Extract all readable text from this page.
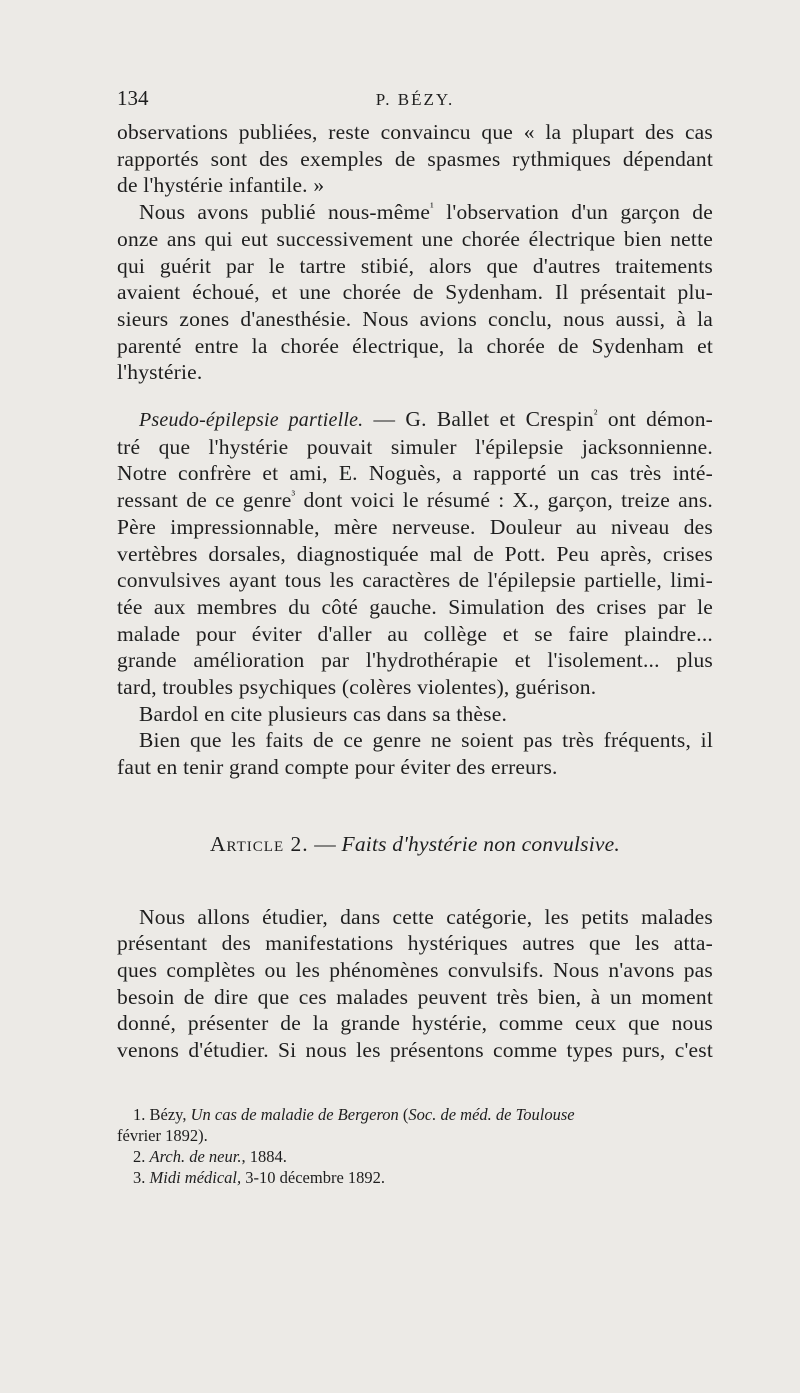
134	P. BÉZY.

observations publiées, reste convaincu que « la plupart des cas
rapportés sont des exemples de spasmes rythmiques dépendant
de l'hystérie infantile. »

Nous avons publié nous-même$^{^1}$ l'observation d'un garçon de
onze ans qui eut successivement une chorée électrique bien nette
qui guérit par le tartre stibié, alors que d'autres traitements
avaient échoué, et une chorée de Sydenham. Il présentait plu-
sieurs zones d'anesthésie. Nous avions conclu, nous aussi, à la
parenté entre la chorée électrique, la chorée de Sydenham et
l'hystérie.

Pseudo-épilepsie partielle. — G. Ballet et Crespin$^{^2}$ ont démon-
tré que l'hystérie pouvait simuler l'épilepsie jacksonnienne.
Notre confrère et ami, E. Noguès, a rapporté un cas très inté-
ressant de ce genre$^{^3}$ dont voici le résumé : X., garçon, treize ans.
Père impressionnable, mère nerveuse. Douleur au niveau des
vertèbres dorsales, diagnostiquée mal de Pott. Peu après, crises
convulsives ayant tous les caractères de l'épilepsie partielle, limi-
tée aux membres du côté gauche. Simulation des crises par le
malade pour éviter d'aller au collège et se faire plaindre...
grande amélioration par l'hydrothérapie et l'isolement... plus
tard, troubles psychiques (colères violentes), guérison.

Bardol en cite plusieurs cas dans sa thèse.

Bien que les faits de ce genre ne soient pas très fréquents, il
faut en tenir grand compte pour éviter des erreurs.

Article 2. — Faits d'hystérie non convulsive.

Nous allons étudier, dans cette catégorie, les petits malades
présentant des manifestations hystériques autres que les atta-
ques complètes ou les phénomènes convulsifs. Nous n'avons pas
besoin de dire que ces malades peuvent très bien, à un moment
donné, présenter de la grande hystérie, comme ceux que nous
venons d'étudier. Si nous les présentons comme types purs, c'est

1. Bézy, Un cas de maladie de Bergeron (Soc. de méd. de Toulouse

février 1892).

2. Arch. de neur., 1884.

3. Midi médical, 3-10 décembre 1892.
